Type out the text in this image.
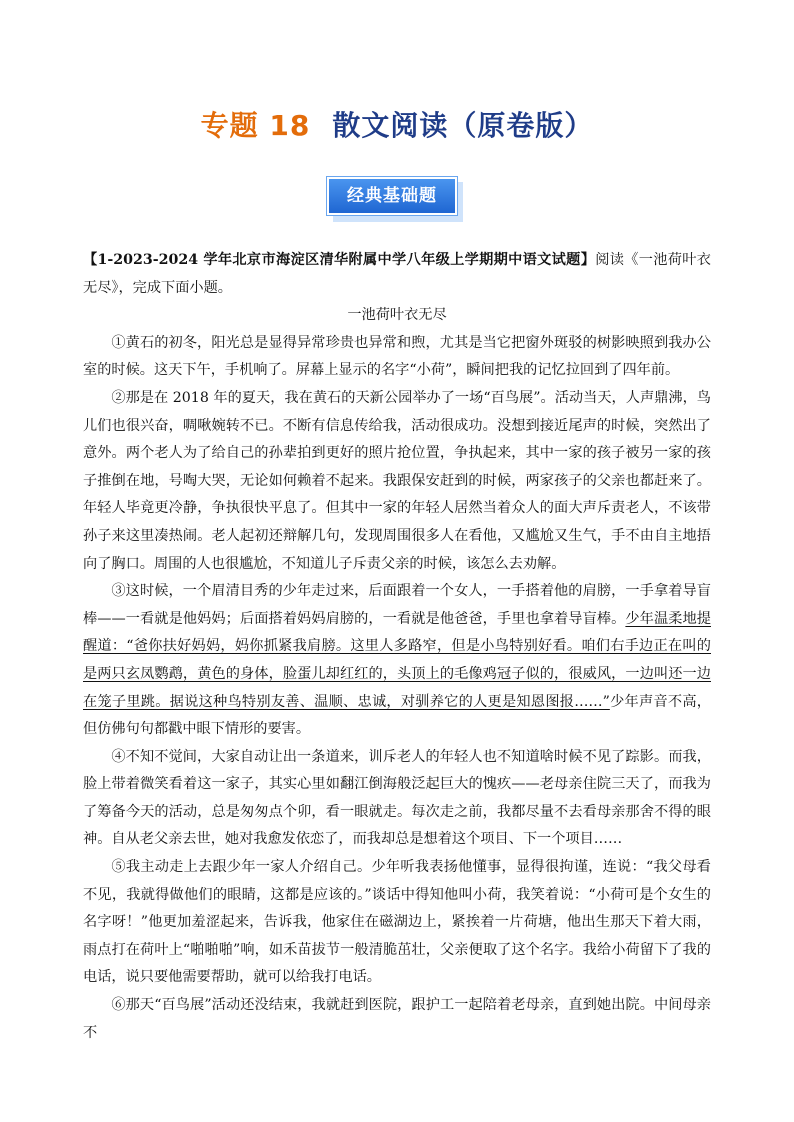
专题 18 散文阅读（原卷版）
经典基础题

【1-2023-2024 学年北京市海淀区清华附属中学八年级上学期期中语文试题】阅读《一池荷叶衣无尽》，完成下面小题。

一池荷叶衣无尽

①黄石的初冬，阳光总是显得异常珍贵也异常和煦，尤其是当它把窗外斑驳的树影映照到我办公室的时候。这天下午，手机响了。屏幕上显示的名字“小荷”，瞬间把我的记忆拉回到了四年前。

②那是在 2018 年的夏天，我在黄石的天新公园举办了一场“百鸟展”。活动当天，人声鼎沸，鸟儿们也很兴奋，啁啾婉转不已。不断有信息传给我，活动很成功。没想到接近尾声的时候，突然出了意外。两个老人为了给自己的孙辈拍到更好的照片抢位置，争执起来，其中一家的孩子被另一家的孩子推倒在地，号啕大哭，无论如何赖着不起来。我跟保安赶到的时候，两家孩子的父亲也都赶来了。年轻人毕竟更冷静，争执很快平息了。但其中一家的年轻人居然当着众人的面大声斥责老人，不该带孙子来这里凑热闹。老人起初还辩解几句，发现周围很多人在看他，又尴尬又生气，手不由自主地捂向了胸口。周围的人也很尴尬，不知道儿子斥责父亲的时候，该怎么去劝解。

③这时候，一个眉清目秀的少年走过来，后面跟着一个女人，一手搭着他的肩膀，一手拿着导盲棒——一看就是他妈妈；后面搭着妈妈肩膀的，一看就是他爸爸，手里也拿着导盲棒。少年温柔地提醒道：“爸你扶好妈妈，妈你抓紧我肩膀。这里人多路窄，但是小鸟特别好看。咱们右手边正在叫的是两只玄凤鹦鹉，黄色的身体，脸蛋儿却红红的，头顶上的毛像鸡冠子似的，很威风，一边叫还一边在笼子里跳。据说这种鸟特别友善、温顺、忠诚，对驯养它的人更是知恩图报……”少年声音不高，但仿佛句句都戳中眼下情形的要害。

④不知不觉间，大家自动让出一条道来，训斥老人的年轻人也不知道啥时候不见了踪影。而我，脸上带着微笑看着这一家子，其实心里如翻江倒海般泛起巨大的愧疚——老母亲住院三天了，而我为了筹备今天的活动，总是匆匆点个卯，看一眼就走。每次走之前，我都尽量不去看母亲那舍不得的眼神。自从老父亲去世，她对我愈发依恋了，而我却总是想着这个项目、下一个项目……

⑤我主动走上去跟少年一家人介绍自己。少年听我表扬他懂事，显得很拘谨，连说：“我父母看不见，我就得做他们的眼睛，这都是应该的。”谈话中得知他叫小荷，我笑着说：“小荷可是个女生的名字呀！”他更加羞涩起来，告诉我，他家住在磁湖边上，紧挨着一片荷塘，他出生那天下着大雨，雨点打在荷叶上“啪啪啪”响，如禾苗拔节一般清脆茁壮，父亲便取了这个名字。我给小荷留下了我的电话，说只要他需要帮助，就可以给我打电话。

⑥那天“百鸟展”活动还没结束，我就赶到医院，跟护工一起陪着老母亲，直到她出院。中间母亲不
